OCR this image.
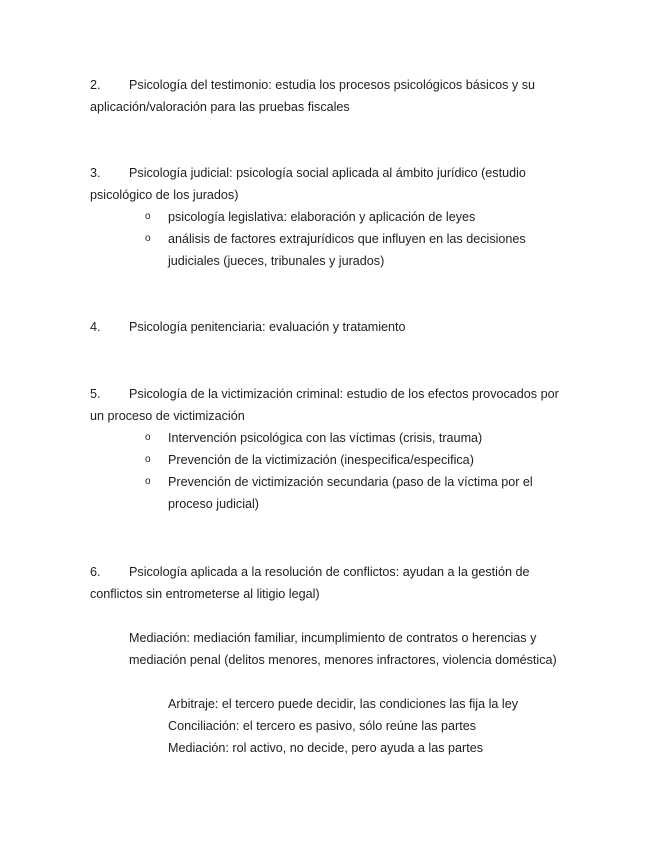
2. Psicología del testimonio: estudia los procesos psicológicos básicos y su aplicación/valoración para las pruebas fiscales
3. Psicología judicial: psicología social aplicada al ámbito jurídico (estudio psicológico de los jurados)
o psicología legislativa: elaboración y aplicación de leyes
o análisis de factores extrajurídicos que influyen en las decisiones judiciales (jueces, tribunales y jurados)
4. Psicología penitenciaria: evaluación y tratamiento
5. Psicología de la victimización criminal: estudio de los efectos provocados por un proceso de victimización
o Intervención psicológica con las víctimas (crisis, trauma)
o Prevención de la victimización (inespecifica/especifica)
o Prevención de victimización secundaria (paso de la víctima por el proceso judicial)
6. Psicología aplicada a la resolución de conflictos: ayudan a la gestión de conflictos sin entrometerse al litigio legal)
Mediación: mediación familiar, incumplimiento de contratos o herencias y mediación penal (delitos menores, menores infractores, violencia doméstica)
Arbitraje: el tercero puede decidir, las condiciones las fija la ley
Conciliación: el tercero es pasivo, sólo reúne las partes
Mediación: rol activo, no decide, pero ayuda a las partes
